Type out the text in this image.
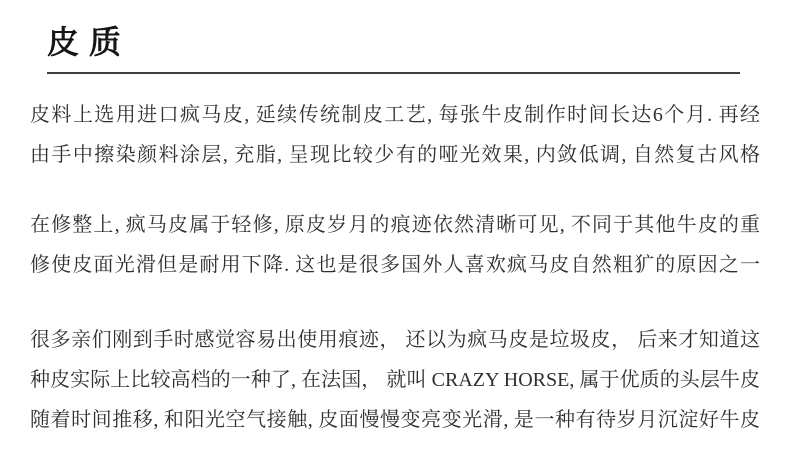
皮质
皮料上选用进口疯马皮, 延续传统制皮工艺, 每张牛皮制作时间长达6个月. 再经
由手中擦染颜料涂层, 充脂, 呈现比较少有的哑光效果, 内敛低调, 自然复古风格
在修整上, 疯马皮属于轻修, 原皮岁月的痕迹依然清晰可见, 不同于其他牛皮的重
修使皮面光滑但是耐用下降. 这也是很多国外人喜欢疯马皮自然粗犷的原因之一
很多亲们刚到手时感觉容易出使用痕迹， 还以为疯马皮是垃圾皮， 后来才知道这
种皮实际上比较高档的一种了, 在法国， 就叫 CRAZY HORSE, 属于优质的头层牛皮
随着时间推移, 和阳光空气接触, 皮面慢慢变亮变光滑, 是一种有待岁月沉淀好牛皮
